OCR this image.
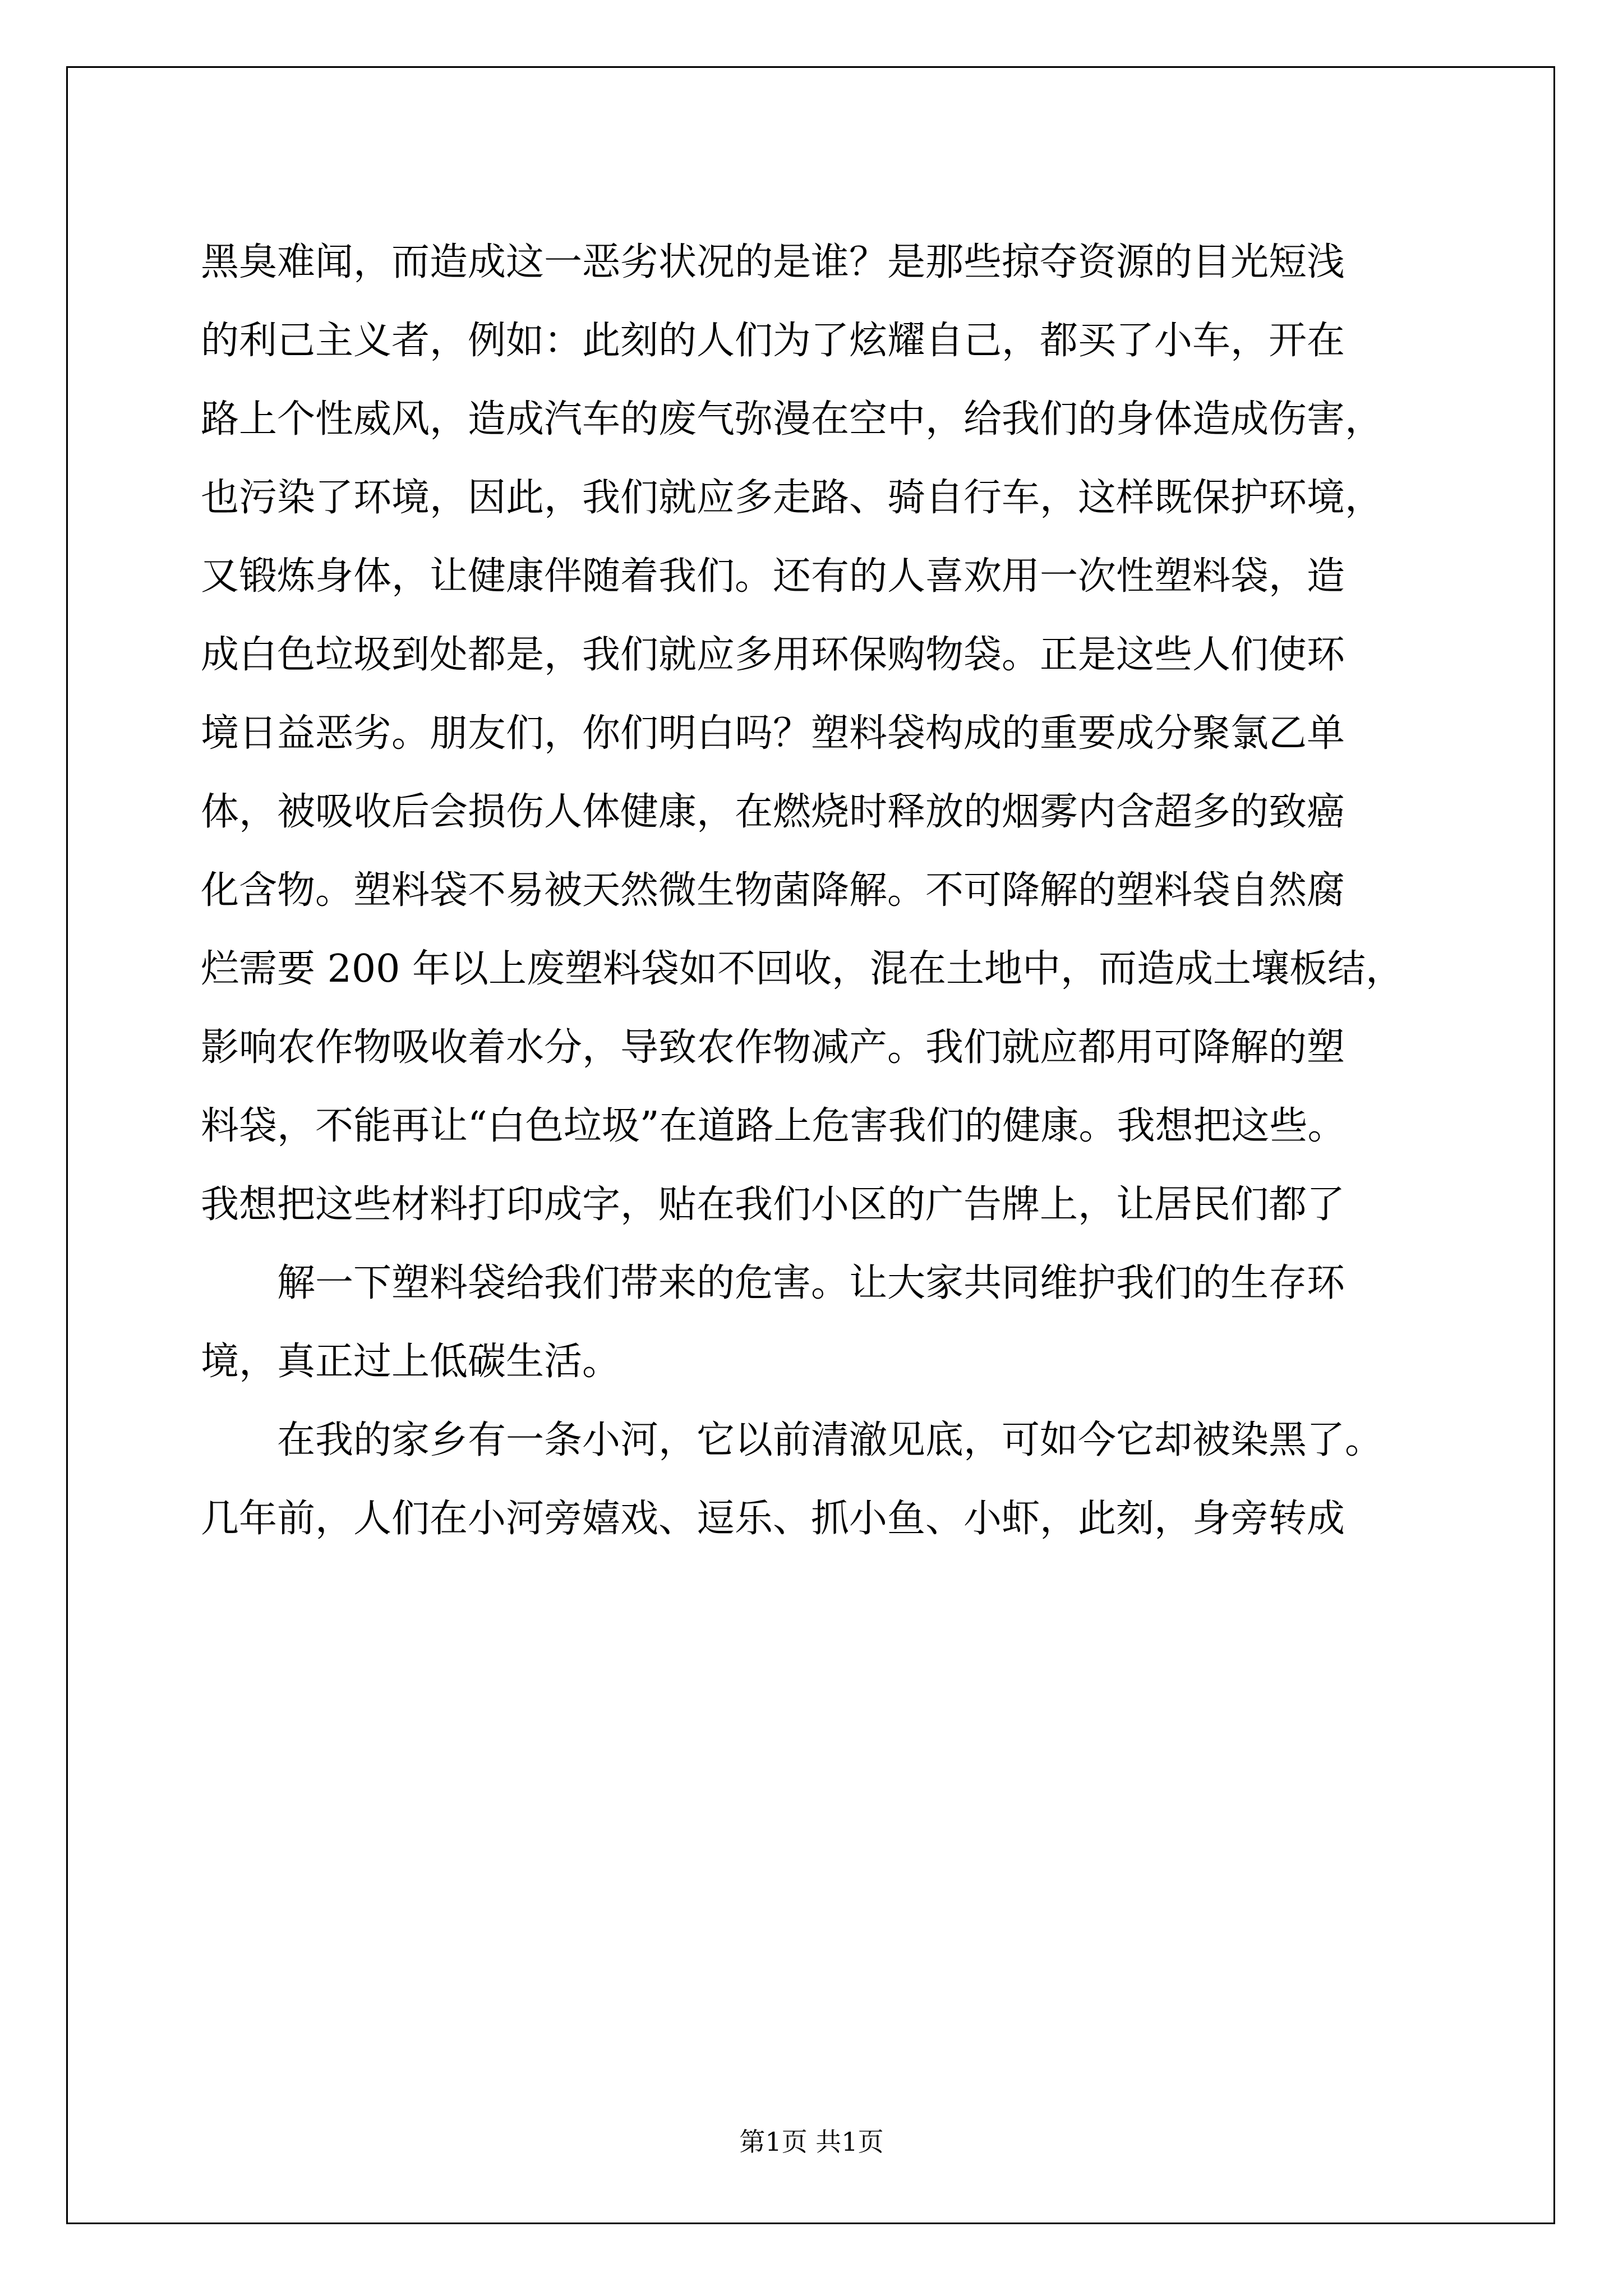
黑臭难闻，而造成这一恶劣状况的是谁？是那些掠夺资源的目光短浅
的利己主义者，例如：此刻的人们为了炫耀自己，都买了小车，开在
路上个性威风，造成汽车的废气弥漫在空中，给我们的身体造成伤害，
也污染了环境，因此，我们就应多走路、骑自行车，这样既保护环境，
又锻炼身体，让健康伴随着我们。还有的人喜欢用一次性塑料袋，造
成白色垃圾到处都是，我们就应多用环保购物袋。正是这些人们使环
境日益恶劣。朋友们，你们明白吗？塑料袋构成的重要成分聚氯乙单
体，被吸收后会损伤人体健康，在燃烧时释放的烟雾内含超多的致癌
化含物。塑料袋不易被天然微生物菌降解。不可降解的塑料袋自然腐
烂需要 200 年以上废塑料袋如不回收，混在土地中，而造成土壤板结，
影响农作物吸收着水分，导致农作物减产。我们就应都用可降解的塑
料袋，不能再让“白色垃圾”在道路上危害我们的健康。我想把这些。
我想把这些材料打印成字，贴在我们小区的广告牌上，让居民们都了
解一下塑料袋给我们带来的危害。让大家共同维护我们的生存环
境，真正过上低碳生活。
在我的家乡有一条小河，它以前清澈见底，可如今它却被染黑了。
几年前，人们在小河旁嬉戏、逗乐、抓小鱼、小虾，此刻，身旁转成
第1页 共1页
